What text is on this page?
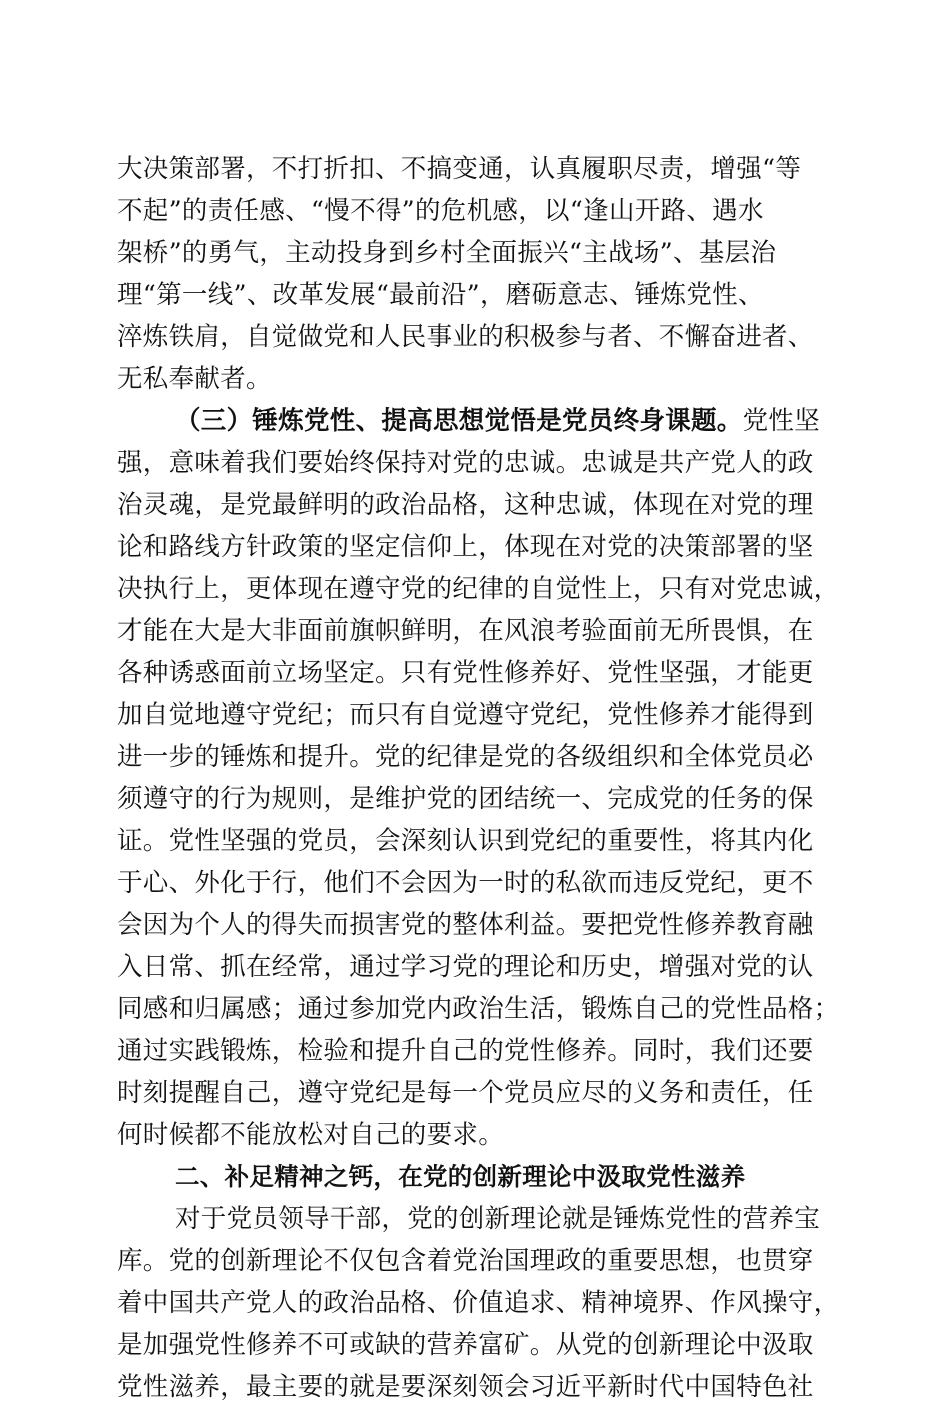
大决策部署，不打折扣、不搞变通，认真履职尽责，增强“等
不起”的责任感、“慢不得”的危机感，以“逢山开路、遇水
架桥”的勇气，主动投身到乡村全面振兴“主战场”、基层治
理“第一线”、改革发展“最前沿”，磨砺意志、锤炼党性、
淬炼铁肩，自觉做党和人民事业的积极参与者、不懈奋进者、
无私奉献者。
（三）锤炼党性、提高思想觉悟是党员终身课题。党性坚
强，意味着我们要始终保持对党的忠诚。忠诚是共产党人的政
治灵魂，是党最鲜明的政治品格，这种忠诚，体现在对党的理
论和路线方针政策的坚定信仰上，体现在对党的决策部署的坚
决执行上，更体现在遵守党的纪律的自觉性上，只有对党忠诚，
才能在大是大非面前旗帜鲜明，在风浪考验面前无所畏惧，在
各种诱惑面前立场坚定。只有党性修养好、党性坚强，才能更
加自觉地遵守党纪；而只有自觉遵守党纪，党性修养才能得到
进一步的锤炼和提升。党的纪律是党的各级组织和全体党员必
须遵守的行为规则，是维护党的团结统一、完成党的任务的保
证。党性坚强的党员，会深刻认识到党纪的重要性，将其内化
于心、外化于行，他们不会因为一时的私欲而违反党纪，更不
会因为个人的得失而损害党的整体利益。要把党性修养教育融
入日常、抓在经常，通过学习党的理论和历史，增强对党的认
同感和归属感；通过参加党内政治生活，锻炼自己的党性品格；
通过实践锻炼，检验和提升自己的党性修养。同时，我们还要
时刻提醒自己，遵守党纪是每一个党员应尽的义务和责任，任
何时候都不能放松对自己的要求。
二、补足精神之钙，在党的创新理论中汲取党性滋养
对于党员领导干部，党的创新理论就是锤炼党性的营养宝
库。党的创新理论不仅包含着党治国理政的重要思想，也贯穿
着中国共产党人的政治品格、价值追求、精神境界、作风操守，
是加强党性修养不可或缺的营养富矿。从党的创新理论中汲取
党性滋养，最主要的就是要深刻领会习近平新时代中国特色社
